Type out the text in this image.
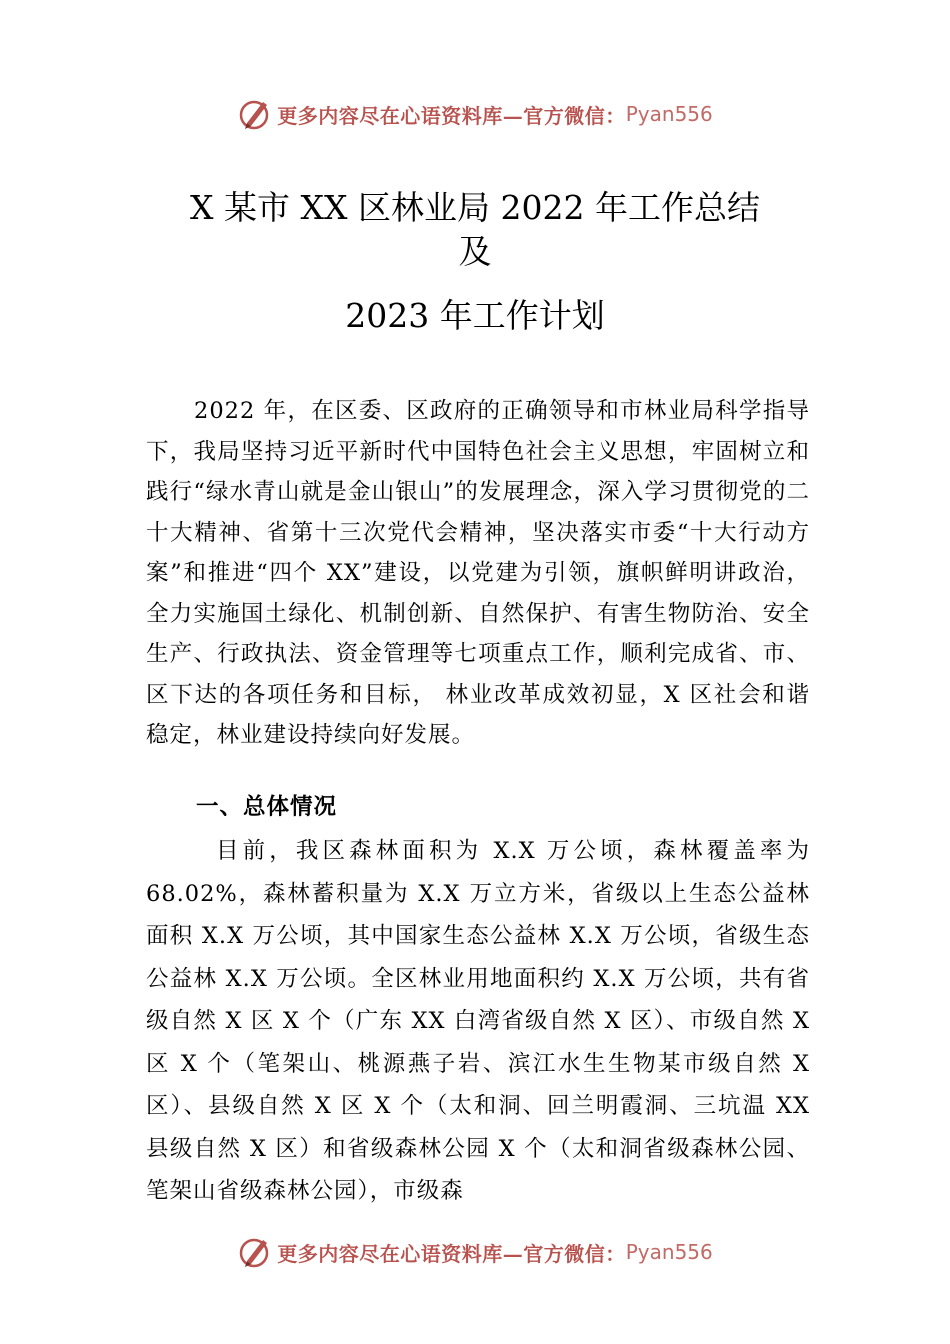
更多内容尽在心语资料库—官方微信： Pyan556
X 某市 XX 区林业局 2022 年工作总结
及
2023 年工作计划

2022 年，在区委、区政府的正确领导和市林业局科学指导下，我局坚持习近平新时代中国特色社会主义思想，牢固树立和践行“绿水青山就是金山银山”的发展理念，深入学习贯彻党的二十大精神、省第十三次党代会精神，坚决落实市委“十大行动方案”和推进“四个 XX”建设，以党建为引领，旗帜鲜明讲政治，全力实施国土绿化、机制创新、自然保护、有害生物防治、安全生产、行政执法、资金管理等七项重点工作，顺利完成省、市、区下达的各项任务和目标， 林业改革成效初显，X 区社会和谐稳定，林业建设持续向好发展。

一、总体情况

目前，我区森林面积为 X.X 万公顷，森林覆盖率为 68.02%，森林蓄积量为 X.X 万立方米，省级以上生态公益林面积 X.X 万公顷，其中国家生态公益林 X.X 万公顷，省级生态公益林 X.X 万公顷。全区林业用地面积约 X.X 万公顷，共有省级自然 X 区 X 个（广东 XX 白湾省级自然 X 区）、市级自然 X 区 X 个（笔架山、桃源燕子岩、滨江水生生物某市级自然 X 区）、县级自然 X 区 X 个（太和洞、回兰明霞洞、三坑温 XX 县级自然 X 区）和省级森林公园 X 个（太和洞省级森林公园、笔架山省级森林公园），市级森

更多内容尽在心语资料库—官方微信： Pyan556
